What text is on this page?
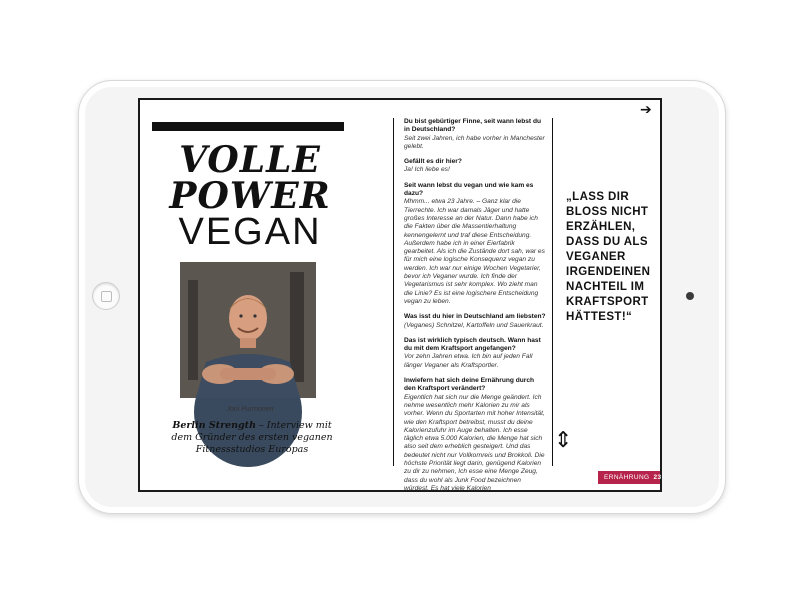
VOLLE
POWER
VEGAN
Joni Purmonen
Berlin Strength – Interview mit dem Gründer des ersten veganen Fitnessstudios Europas
Du bist gebürtiger Finne, seit wann lebst du in Deutschland?
Seit zwei Jahren, ich habe vorher in Manchester gelebt.
Gefällt es dir hier?
Ja! Ich liebe es!
Seit wann lebst du vegan und wie kam es dazu?
Mhmm... etwa 23 Jahre. – Ganz klar die Tierrechte. Ich war damals Jäger und hatte großes Interesse an der Natur. Dann habe ich die Fakten über die Massentierhaltung kennengelernt und traf diese Entscheidung. Außerdem habe ich in einer Eierfabrik gearbeitet. Als ich die Zustände dort sah, war es für mich eine logische Konsequenz vegan zu werden. Ich war nur einige Wochen Vegetarier, bevor ich Veganer wurde. Ich finde der Vegetarismus ist sehr komplex. Wo zieht man die Linie? Es ist eine logischere Entscheidung vegan zu leben.
Was isst du hier in Deutschland am liebsten?
(Veganes) Schnitzel, Kartoffeln und Sauerkraut.
Das ist wirklich typisch deutsch. Wann hast du mit dem Kraftsport angefangen?
Vor zehn Jahren etwa. Ich bin auf jeden Fall länger Veganer als Kraftsportler.
Inwiefern hat sich deine Ernährung durch den Kraftsport verändert?
Eigentlich hat sich nur die Menge geändert. Ich nehme wesentlich mehr Kalorien zu mir als vorher. Wenn du Sportarten mit hoher Intensität, wie den Kraftsport betreibst, musst du deine Kalorienzufuhr im Auge behalten. Ich esse täglich etwa 5.000 Kalorien, die Menge hat sich also seit dem erheblich gesteigert. Und das bedeutet nicht nur Vollkornreis und Brokkoli. Die höchste Priorität liegt darin, genügend Kalorien zu dir zu nehmen, Ich esse eine Menge Zeug, dass du wohl als Junk Food bezeichnen würdest. Es hat viele Kalorien
„LASS DIR BLOSS NICHT ERZÄHLEN, DASS DU ALS VEGANER IRGENDEINEN NACHTEIL IM KRAFTSPORT HÄTTEST!“
➔
⇕
ERNÄHRUNG 23
